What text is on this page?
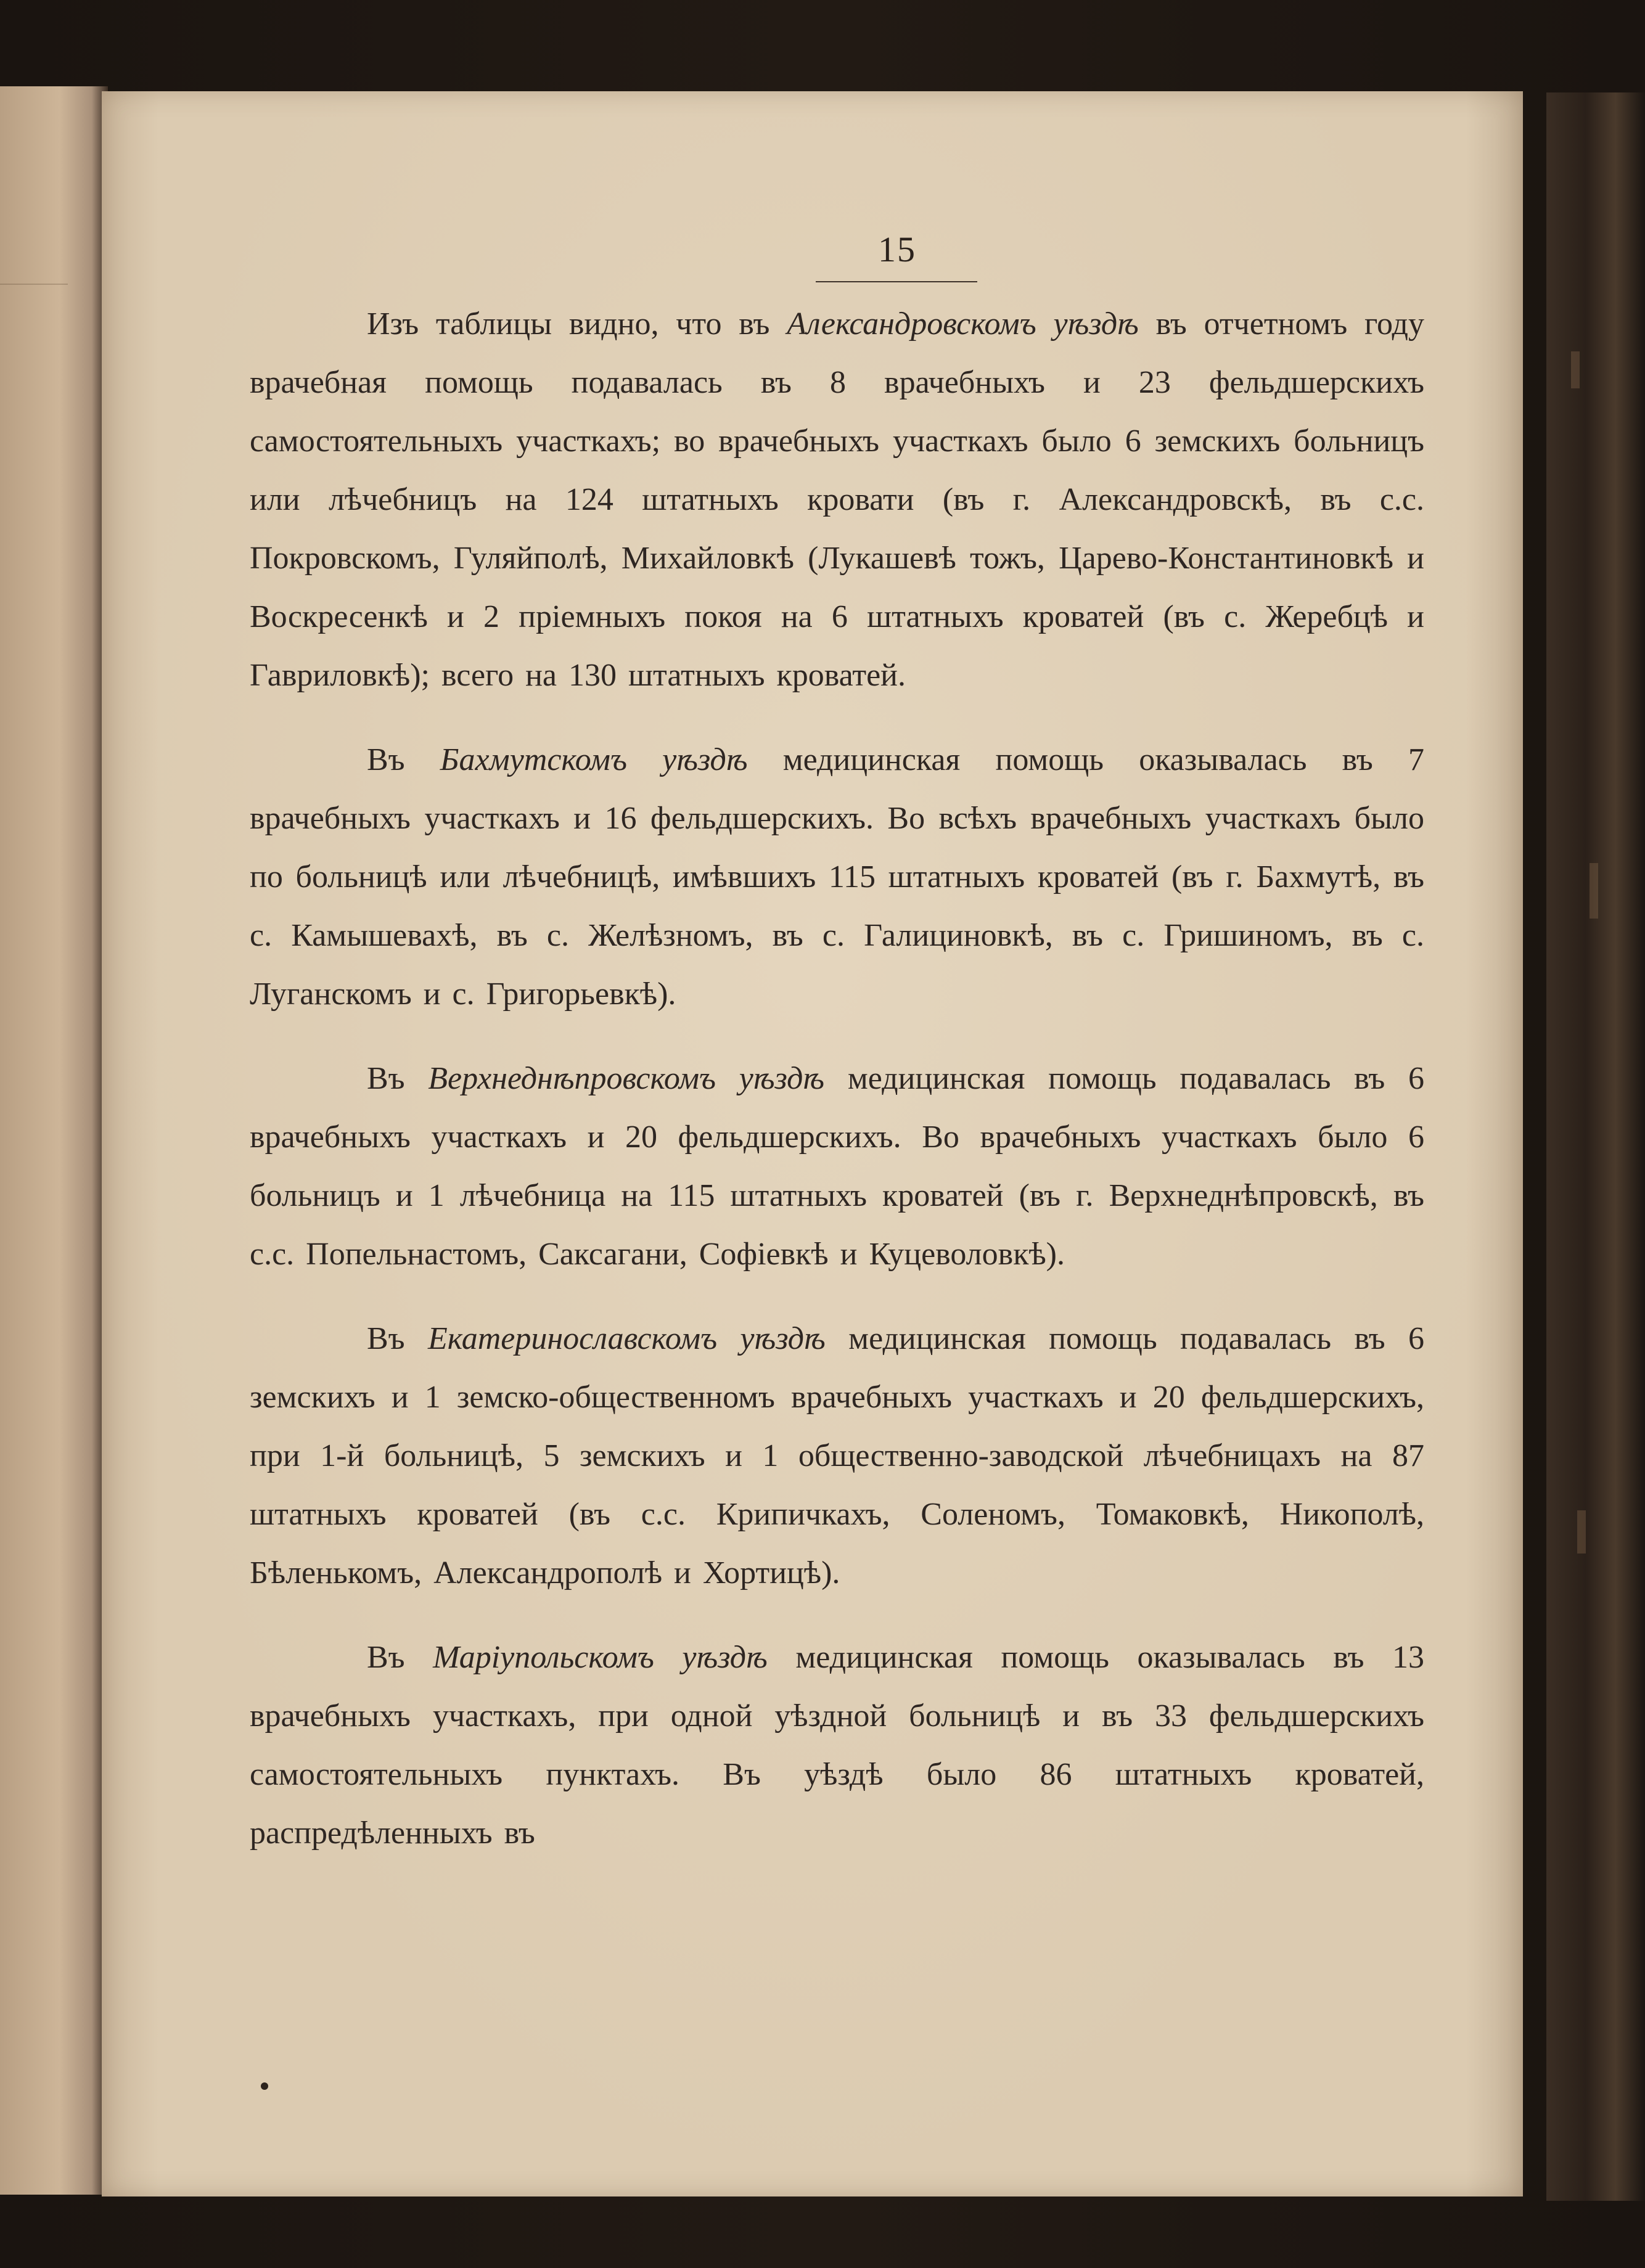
15

Изъ таблицы видно, что въ Александровскомъ уѣздѣ въ отчетномъ году врачебная помощь подавалась въ 8 врачебныхъ и 23 фельдшерскихъ самостоятельныхъ участкахъ; во врачебныхъ участкахъ было 6 земскихъ больницъ или лѣчебницъ на 124 штатныхъ кровати (въ г. Александровскѣ, въ с.с. Покровскомъ, Гуляйполѣ, Михайловкѣ (Лукашевѣ тожъ, Царево-Константиновкѣ и Воскресенкѣ и 2 пріемныхъ покоя на 6 штатныхъ кроватей (въ с. Жеребцѣ и Гавриловкѣ); всего на 130 штатныхъ кроватей.

Въ Бахмутскомъ уѣздѣ медицинская помощь оказывалась въ 7 врачебныхъ участкахъ и 16 фельдшерскихъ. Во всѣхъ врачебныхъ участкахъ было по больницѣ или лѣчебницѣ, имѣвшихъ 115 штатныхъ кроватей (въ г. Бахмутѣ, въ с. Камышевахѣ, въ с. Желѣзномъ, въ с. Галициновкѣ, въ с. Гришиномъ, въ с. Луганскомъ и с. Григорьевкѣ).

Въ Верхнеднѣпровскомъ уѣздѣ медицинская помощь подавалась въ 6 врачебныхъ участкахъ и 20 фельдшерскихъ. Во врачебныхъ участкахъ было 6 больницъ и 1 лѣчебница на 115 штатныхъ кроватей (въ г. Верхнеднѣпровскѣ, въ с.с. Попельнастомъ, Саксагани, Софіевкѣ и Куцеволовкѣ).

Въ Екатеринославскомъ уѣздѣ медицинская помощь подавалась въ 6 земскихъ и 1 земско-общественномъ врачебныхъ участкахъ и 20 фельдшерскихъ, при 1-й больницѣ, 5 земскихъ и 1 общественно-заводской лѣчебницахъ на 87 штатныхъ кроватей (въ с.с. Крипичкахъ, Соленомъ, Томаковкѣ, Никополѣ, Бѣленькомъ, Александрополѣ и Хортицѣ).

Въ Маріупольскомъ уѣздѣ медицинская помощь оказывалась въ 13 врачебныхъ участкахъ, при одной уѣздной больницѣ и въ 33 фельдшерскихъ самостоятельныхъ пунктахъ. Въ уѣздѣ было 86 штатныхъ кроватей, распредѣленныхъ въ
